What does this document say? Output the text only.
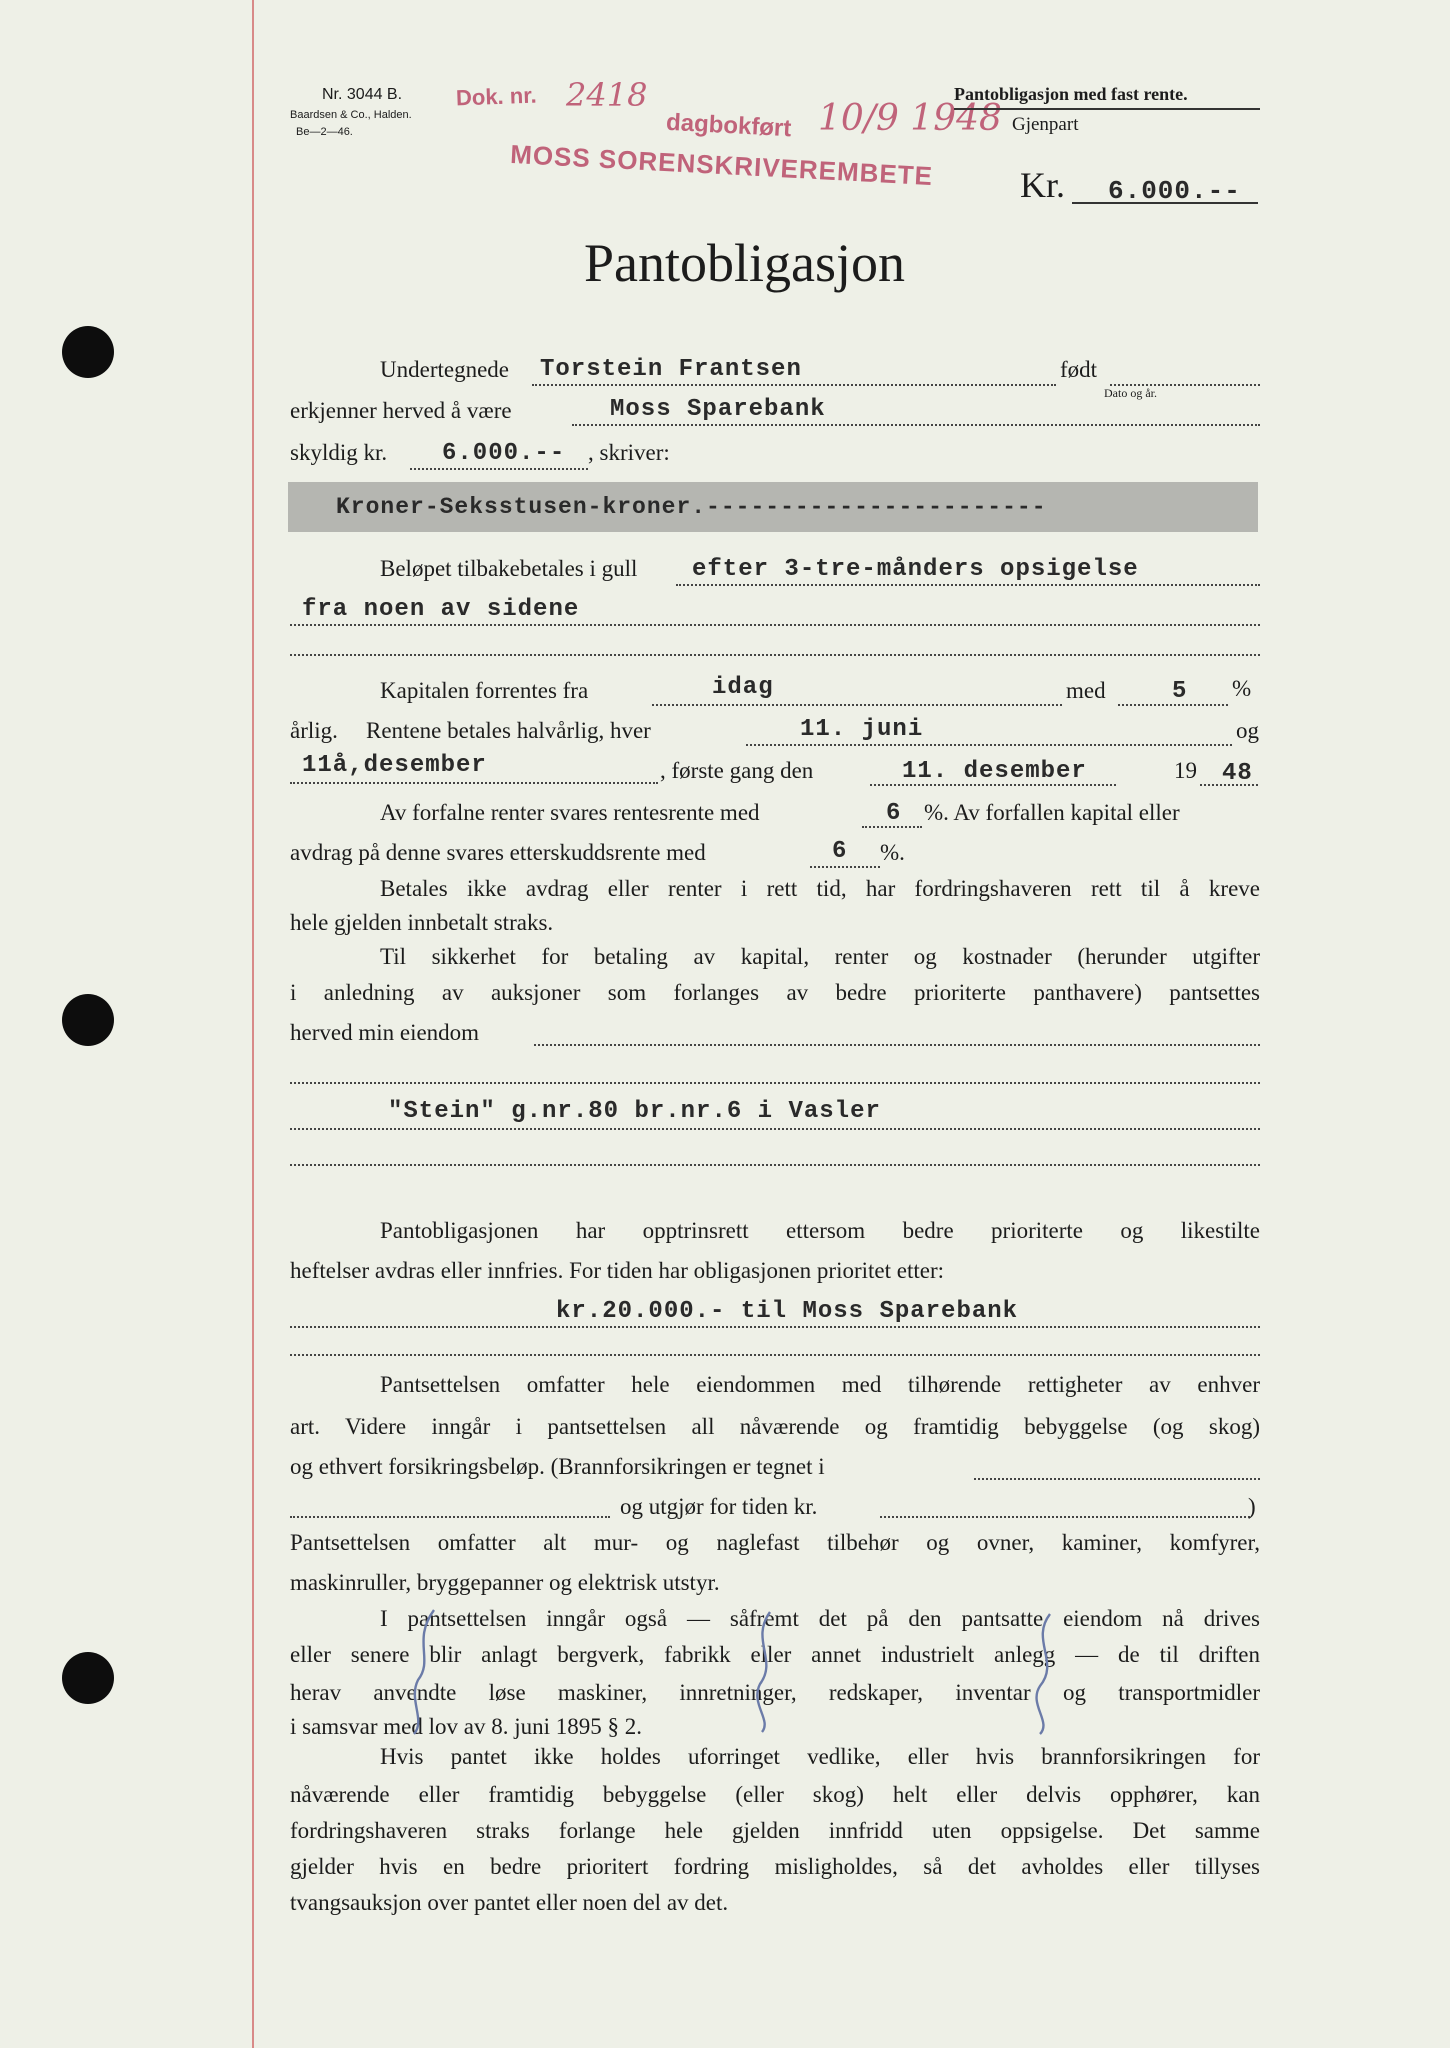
Nr. 3044 B.
Baardsen & Co., Halden.
Be—2—46.
Dok. nr. 2418
dagbokført 10/9 1948
MOSS SORENSKRIVEREMBETE
Pantobligasjon med fast rente.
Gjenpart
Kr. 6.000.--
Pantobligasjon
Undertegnede Torstein Frantsen	født
Dato og år.
erkjenner herved å være	Moss Sparebank
skyldig kr. 6.000.-- , skriver:
Kroner-Seksstusen-kroner.-----------------------
Beløpet tilbakebetales i gull efter 3-tre-månders opsigelse
fra noen av sidene
Kapitalen forrentes fra	idag	med	5 %
årlig. Rentene betales halvårlig, hver	11. juni	og
11å,desember	, første gang den	11. desember	19 48
Av forfalne renter svares rentesrente med	6 %. Av forfallen kapital eller
avdrag på denne svares etterskuddsrente med	6 %.
Betales ikke avdrag eller renter i rett tid, har fordringshaveren rett til å kreve
hele gjelden innbetalt straks.
Til sikkerhet for betaling av kapital, renter og kostnader (herunder utgifter
i anledning av auksjoner som forlanges av bedre prioriterte panthavere) pantsettes
herved min eiendom
"Stein" g.nr.80 br.nr.6 i Vasler
Pantobligasjonen har opptrinsrett ettersom bedre prioriterte og likestilte
heftelser avdras eller innfries. For tiden har obligasjonen prioritet etter:
kr.20.000.- til Moss Sparebank
Pantsettelsen omfatter hele eiendommen med tilhørende rettigheter av enhver
art. Videre inngår i pantsettelsen all nåværende og framtidig bebyggelse (og skog)
og ethvert forsikringsbeløp. (Brannforsikringen er tegnet i
og utgjør for tiden kr.	)
Pantsettelsen omfatter alt mur- og naglefast tilbehør og ovner, kaminer, komfyrer,
maskinruller, bryggepanner og elektrisk utstyr.
I pantsettelsen inngår også — såfremt det på den pantsatte eiendom nå drives
eller senere blir anlagt bergverk, fabrikk eller annet industrielt anlegg — de til driften
herav anvendte løse maskiner, innretninger, redskaper, inventar og transportmidler
i samsvar med lov av 8. juni 1895 § 2.
Hvis pantet ikke holdes uforringet vedlike, eller hvis brannforsikringen for
nåværende eller framtidig bebyggelse (eller skog) helt eller delvis opphører, kan
fordringshaveren straks forlange hele gjelden innfridd uten oppsigelse. Det samme
gjelder hvis en bedre prioritert fordring misligholdes, så det avholdes eller tillyses
tvangsauksjon over pantet eller noen del av det.
